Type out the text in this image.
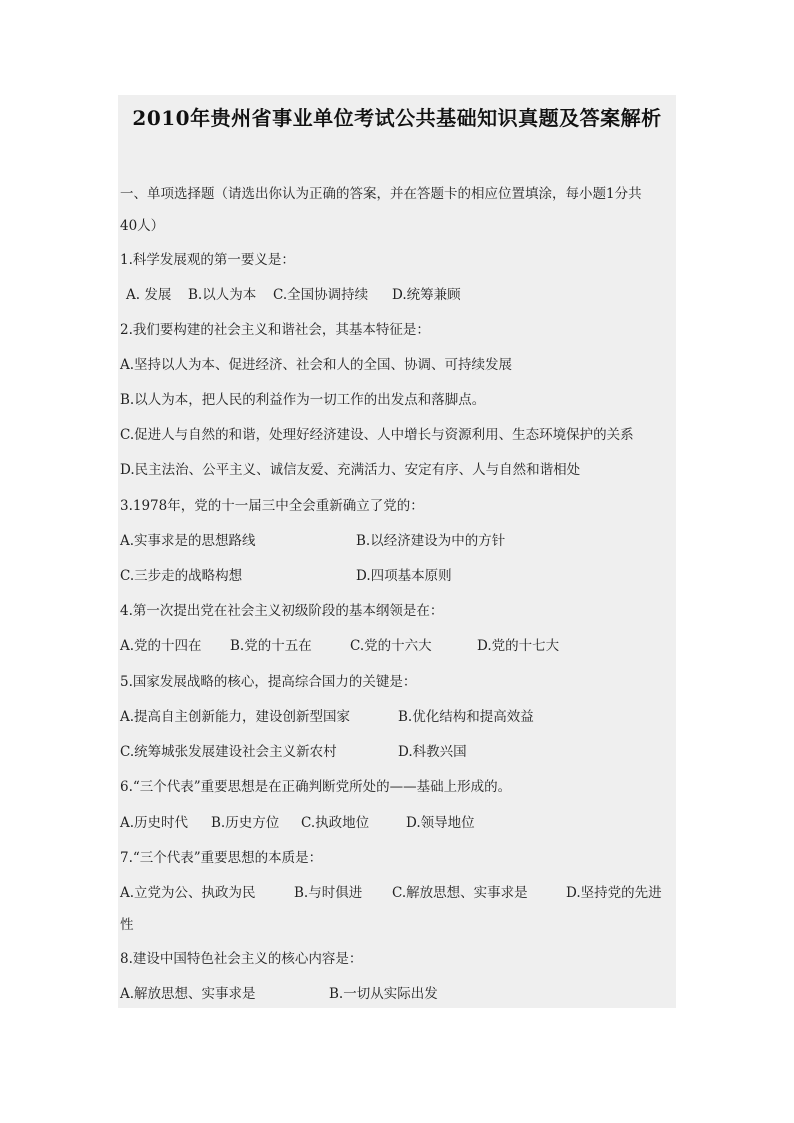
2010年贵州省事业单位考试公共基础知识真题及答案解析
一、单项选择题（请选出你认为正确的答案，并在答题卡的相应位置填涂，每小题1分共
40人）
1.科学发展观的第一要义是：
A. 发展 B.以人为本 C.全国协调持续 D.统筹兼顾
2.我们要构建的社会主义和谐社会，其基本特征是：
A.坚持以人为本、促进经济、社会和人的全国、协调、可持续发展
B.以人为本，把人民的利益作为一切工作的出发点和落脚点。
C.促进人与自然的和谐，处理好经济建设、人中增长与资源利用、生态环境保护的关系
D.民主法治、公平主义、诚信友爱、充满活力、安定有序、人与自然和谐相处
3.1978年，党的十一届三中全会重新确立了党的：
A.实事求是的思想路线	B.以经济建设为中的方针
C.三步走的战略构想	D.四项基本原则
4.第一次提出党在社会主义初级阶段的基本纲领是在：
A.党的十四在 B.党的十五在	C.党的十六大	D.党的十七大
5.国家发展战略的核心，提高综合国力的关键是：
A.提高自主创新能力，建设创新型国家	B.优化结构和提高效益
C.统筹城张发展建设社会主义新农村	D.科教兴国
6.“三个代表”重要思想是在正确判断党所处的——基础上形成的。
A.历史时代 B.历史方位 C.执政地位	D.领导地位
7.“三个代表”重要思想的本质是：
A.立党为公、执政为民	B.与时俱进 C.解放思想、实事求是	D.坚持党的先进
性
8.建设中国特色社会主义的核心内容是：
A.解放思想、实事求是	B.一切从实际出发
